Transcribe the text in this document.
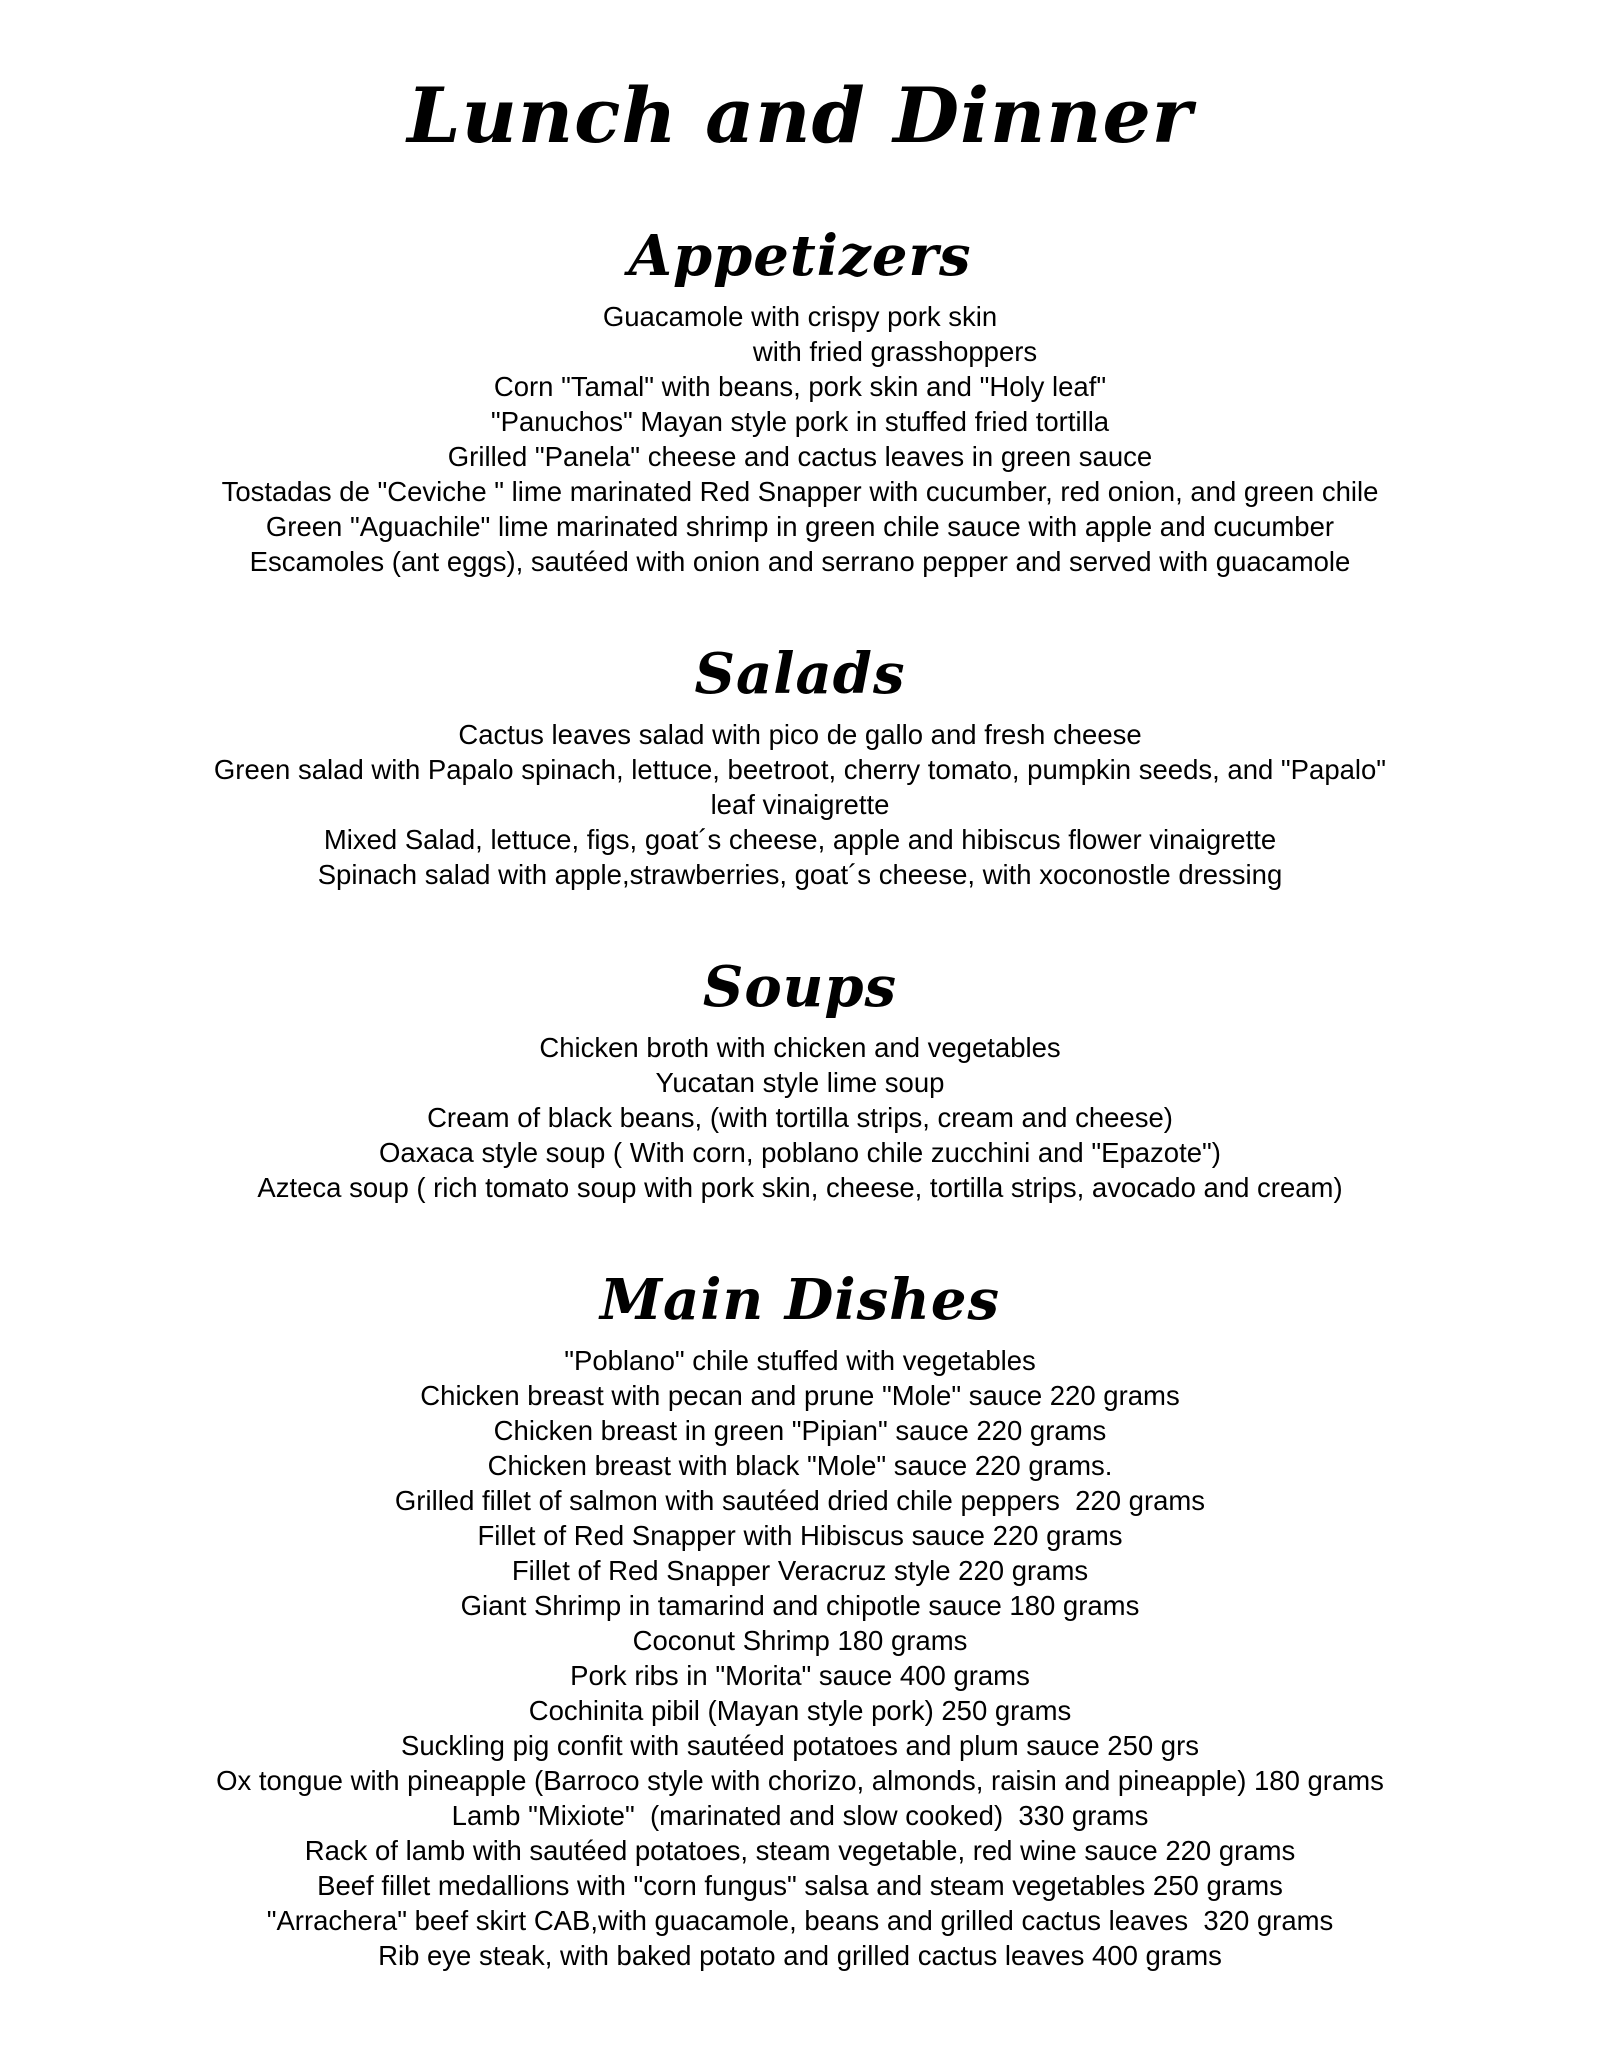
Lunch and Dinner
Appetizers

Guacamole with crispy pork skin

with fried grasshoppers

Corn "Tamal" with beans, pork skin and "Holy leaf"

"Panuchos" Mayan style pork in stuffed fried tortilla

Grilled "Panela" cheese and cactus leaves in green sauce

Tostadas de "Ceviche " lime marinated Red Snapper with cucumber, red onion, and green chile

Green "Aguachile" lime marinated shrimp in green chile sauce with apple and cucumber

Escamoles (ant eggs), sautéed with onion and serrano pepper and served with guacamole

Salads

Cactus leaves salad with pico de gallo and fresh cheese

Green salad with Papalo spinach, lettuce, beetroot, cherry tomato, pumpkin seeds, and "Papalo"

leaf vinaigrette

Mixed Salad, lettuce, figs, goat´s cheese, apple and hibiscus flower vinaigrette

Spinach salad with apple,strawberries, goat´s cheese, with xoconostle dressing

Soups

Chicken broth with chicken and vegetables

Yucatan style lime soup

Cream of black beans, (with tortilla strips, cream and cheese)

Oaxaca style soup ( With corn, poblano chile zucchini and "Epazote")

Azteca soup ( rich tomato soup with pork skin, cheese, tortilla strips, avocado and cream)

Main Dishes

"Poblano" chile stuffed with vegetables

Chicken breast with pecan and prune "Mole" sauce 220 grams

Chicken breast in green "Pipian" sauce 220 grams

Chicken breast with black "Mole" sauce 220 grams.

Grilled fillet of salmon with sautéed dried chile peppers  220 grams

Fillet of Red Snapper with Hibiscus sauce 220 grams

Fillet of Red Snapper Veracruz style 220 grams

Giant Shrimp in tamarind and chipotle sauce 180 grams

Coconut Shrimp 180 grams

Pork ribs in "Morita" sauce 400 grams

Cochinita pibil (Mayan style pork) 250 grams

Suckling pig confit with sautéed potatoes and plum sauce 250 grs

Ox tongue with pineapple (Barroco style with chorizo, almonds, raisin and pineapple) 180 grams

Lamb "Mixiote"  (marinated and slow cooked)  330 grams

Rack of lamb with sautéed potatoes, steam vegetable, red wine sauce 220 grams

Beef fillet medallions with "corn fungus" salsa and steam vegetables 250 grams

"Arrachera" beef skirt CAB,with guacamole, beans and grilled cactus leaves  320 grams

Rib eye steak, with baked potato and grilled cactus leaves 400 grams
